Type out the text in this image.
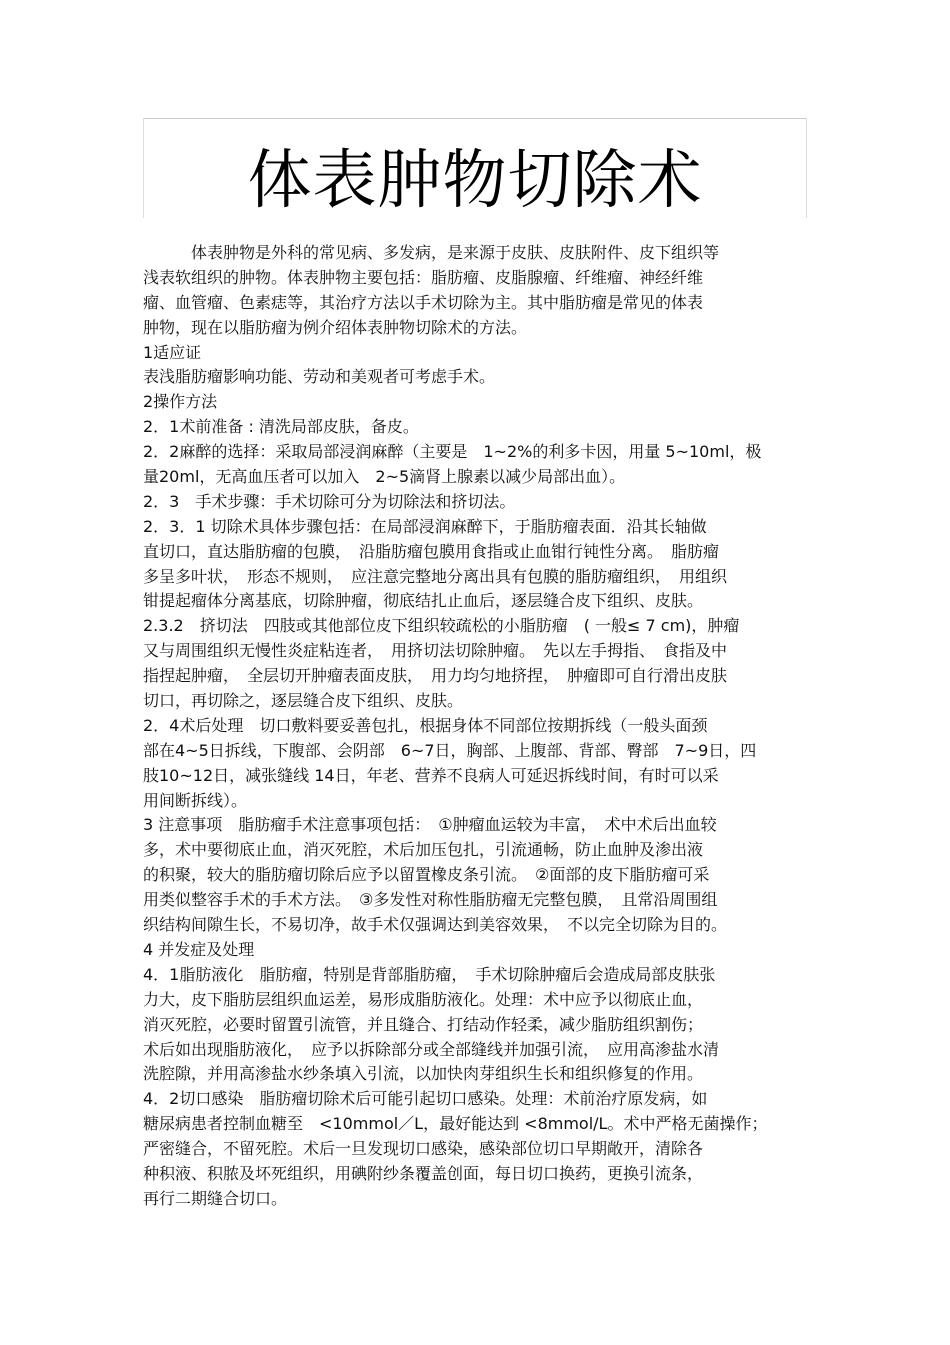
体表肿物切除术
　　　体表肿物是外科的常见病、多发病，是来源于皮肤、皮肤附件、皮下组织等
浅表软组织的肿物。体表肿物主要包括：脂肪瘤、皮脂腺瘤、纤维瘤、神经纤维
瘤、血管瘤、色素痣等，其治疗方法以手术切除为主。其中脂肪瘤是常见的体表
肿物，现在以脂肪瘤为例介绍体表肿物切除术的方法。
1适应证
表浅脂肪瘤影响功能、劳动和美观者可考虑手术。
2操作方法
2．1术前准备 : 清洗局部皮肤，备皮。
2．2麻醉的选择：采取局部浸润麻醉（主要是　1~2%的利多卡因，用量 5~10ml，极
量20ml，无高血压者可以加入　2~5滴肾上腺素以减少局部出血）。
2．3　手术步骤：手术切除可分为切除法和挤切法。
2．3．1 切除术具体步骤包括：在局部浸润麻醉下，于脂肪瘤表面．沿其长轴做
直切口，直达脂肪瘤的包膜，　沿脂肪瘤包膜用食指或止血钳行钝性分离。　脂肪瘤
多呈多叶状，　形态不规则，　应注意完整地分离出具有包膜的脂肪瘤组织，　用组织
钳提起瘤体分离基底，切除肿瘤，彻底结扎止血后，逐层缝合皮下组织、皮肤。
2.3.2　挤切法　四肢或其他部位皮下组织较疏松的小脂肪瘤　( 一般≤ 7 cm)，肿瘤
又与周围组织无慢性炎症粘连者，　用挤切法切除肿瘤。　先以左手拇指、　食指及中
指捏起肿瘤，　全层切开肿瘤表面皮肤，　用力均匀地挤捏，　肿瘤即可自行滑出皮肤
切口，再切除之，逐层缝合皮下组织、皮肤。
2．4术后处理　切口敷料要妥善包扎，根据身体不同部位按期拆线（一般头面颈
部在4~5日拆线，下腹部、会阴部　6~7日，胸部、上腹部、背部、臀部　7~9日，四
肢10~12日，减张缝线 14日，年老、营养不良病人可延迟拆线时间，有时可以采
用间断拆线）。
3 注意事项　脂肪瘤手术注意事项包括：　①肿瘤血运较为丰富，　术中术后出血较
多，术中要彻底止血，消灭死腔，术后加压包扎，引流通畅，防止血肿及渗出液
的积聚，较大的脂肪瘤切除后应予以留置橡皮条引流。　②面部的皮下脂肪瘤可采
用类似整容手术的手术方法。　③多发性对称性脂肪瘤无完整包膜，　且常沿周围组
织结构间隙生长，不易切净，故手术仅强调达到美容效果，　不以完全切除为目的。
4 并发症及处理
4．1脂肪液化　脂肪瘤，特别是背部脂肪瘤，　手术切除肿瘤后会造成局部皮肤张
力大，皮下脂肪层组织血运差，易形成脂肪液化。处理：术中应予以彻底止血，
消灭死腔，必要时留置引流管，并且缝合、打结动作轻柔，减少脂肪组织割伤；
术后如出现脂肪液化，　应予以拆除部分或全部缝线并加强引流，　应用高渗盐水清
洗腔隙，并用高渗盐水纱条填入引流，以加快肉芽组织生长和组织修复的作用。
4．2切口感染　脂肪瘤切除术后可能引起切口感染。处理：术前治疗原发病，如
糖尿病患者控制血糖至　<10mmol／L，最好能达到 <8mmol/L。术中严格无菌操作；
严密缝合，不留死腔。术后一旦发现切口感染，感染部位切口早期敞开，清除各
种积液、积脓及坏死组织，用碘附纱条覆盖创面，每日切口换药，更换引流条，
再行二期缝合切口。
